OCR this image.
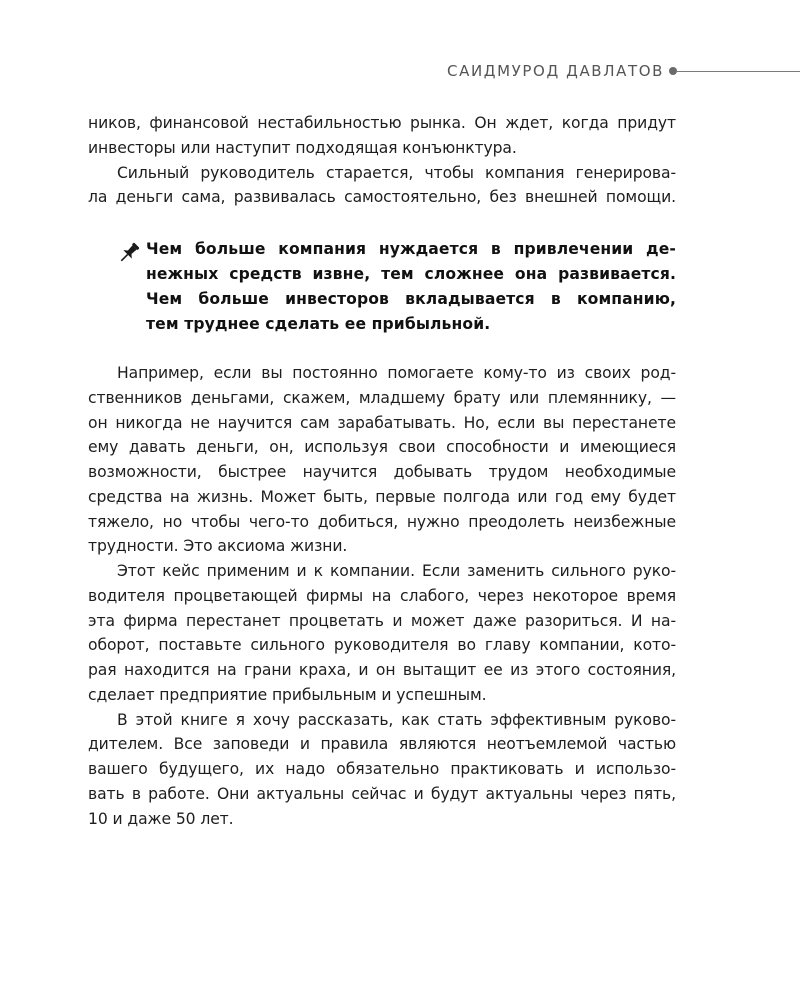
САИДМУРОД ДАВЛАТОВ

ников, финансовой нестабильностью рынка. Он ждет, когда придут
инвесторы или наступит подходящая конъюнктура.

Сильный руководитель старается, чтобы компания генерирова-
ла деньги сама, развивалась самостоятельно, без внешней помощи.

Чем больше компания нуждается в привлечении де-
нежных средств извне, тем сложнее она развивается.
Чем больше инвесторов вкладывается в компанию,
тем труднее сделать ее прибыльной.

Например, если вы постоянно помогаете кому-то из своих род-
ственников деньгами, скажем, младшему брату или племяннику, —
он никогда не научится сам зарабатывать. Но, если вы перестанете
ему давать деньги, он, используя свои способности и имеющиеся
возможности, быстрее научится добывать трудом необходимые
средства на жизнь. Может быть, первые полгода или год ему будет
тяжело, но чтобы чего-то добиться, нужно преодолеть неизбежные
трудности. Это аксиома жизни.

Этот кейс применим и к компании. Если заменить сильного руко-
водителя процветающей фирмы на слабого, через некоторое время
эта фирма перестанет процветать и может даже разориться. И на-
оборот, поставьте сильного руководителя во главу компании, кото-
рая находится на грани краха, и он вытащит ее из этого состояния,
сделает предприятие прибыльным и успешным.

В этой книге я хочу рассказать, как стать эффективным руково-
дителем. Все заповеди и правила являются неотъемлемой частью
вашего будущего, их надо обязательно практиковать и использо-
вать в работе. Они актуальны сейчас и будут актуальны через пять,
10 и даже 50 лет.
